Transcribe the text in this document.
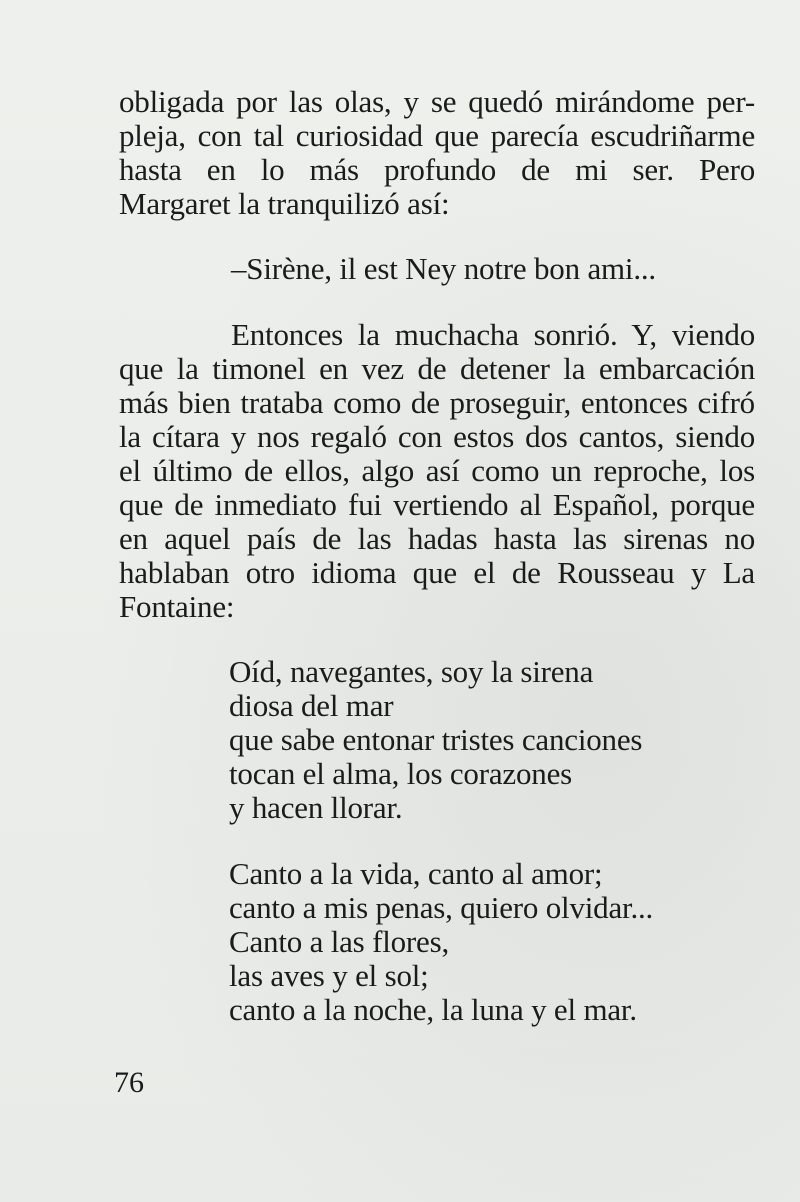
obligada por las olas, y se quedó mirándome per-
pleja, con tal curiosidad que parecía escudriñarme
hasta en lo más profundo de mi ser. Pero
Margaret la tranquilizó así:
–Sirène, il est Ney notre bon ami...
Entonces la muchacha sonrió. Y, viendo
que la timonel en vez de detener la embarcación
más bien trataba como de proseguir, entonces cifró
la cítara y nos regaló con estos dos cantos, siendo
el último de ellos, algo así como un reproche, los
que de inmediato fui vertiendo al Español, porque
en aquel país de las hadas hasta las sirenas no
hablaban otro idioma que el de Rousseau y La
Fontaine:
Oíd, navegantes, soy la sirena
diosa del mar
que sabe entonar tristes canciones
tocan el alma, los corazones
y hacen llorar.
Canto a la vida, canto al amor;
canto a mis penas, quiero olvidar...
Canto a las flores,
las aves y el sol;
canto a la noche, la luna y el mar.
76
